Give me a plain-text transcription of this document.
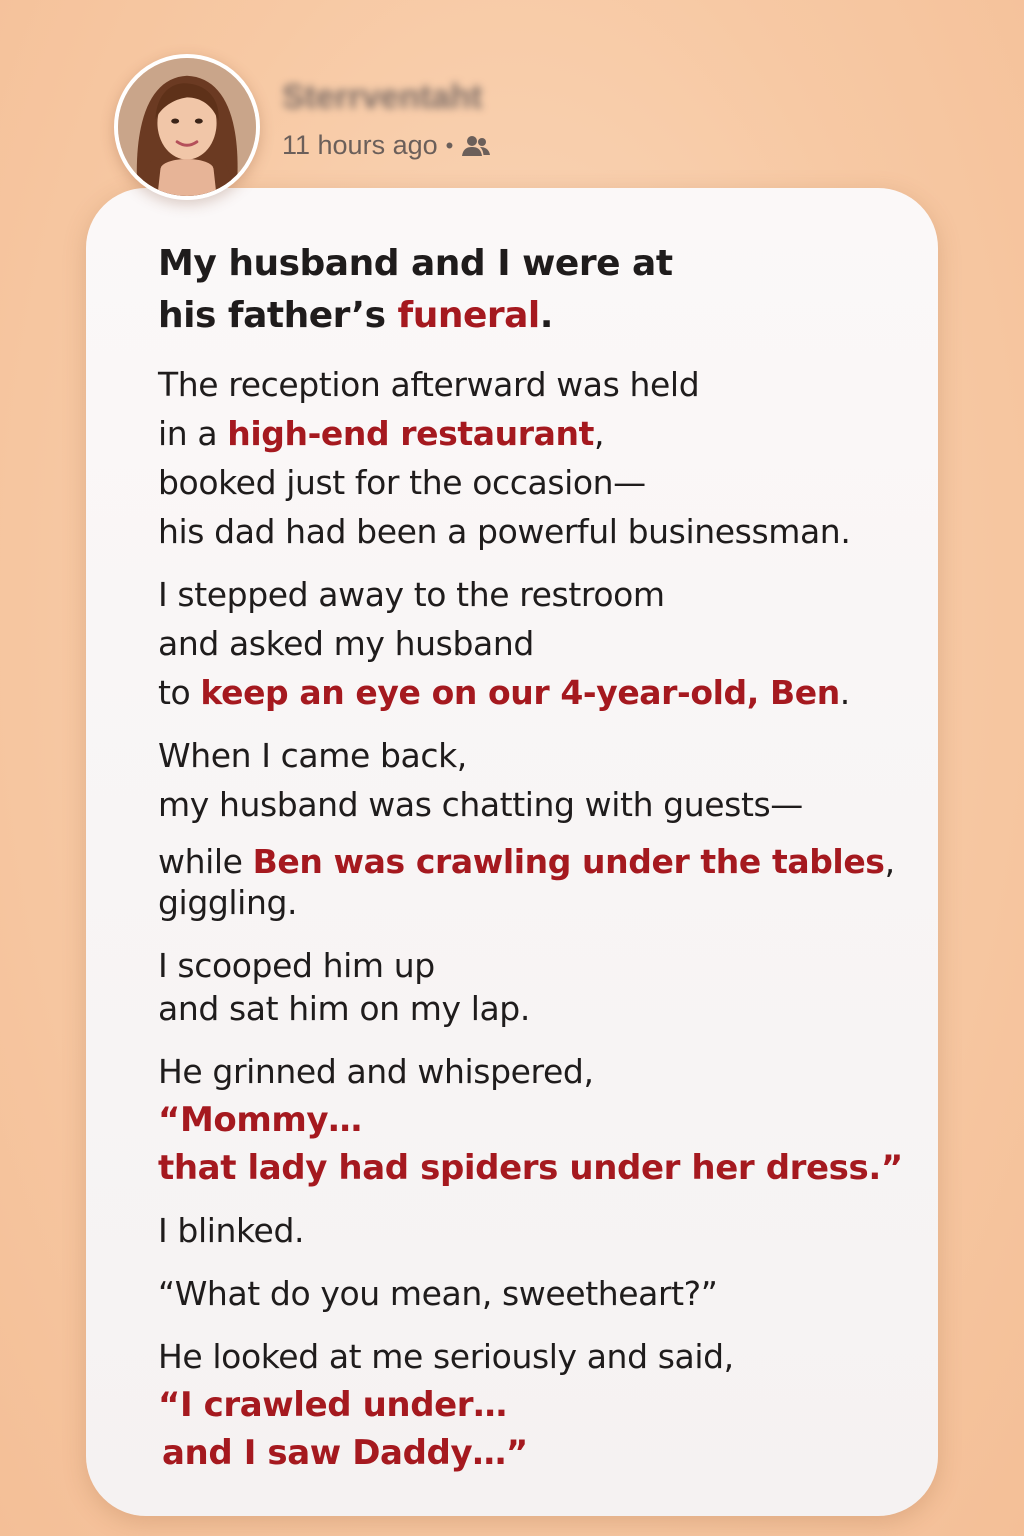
Sterrventaht
11 hours ago •
My husband and I were at
his father’s funeral.
The reception afterward was held
in a high-end restaurant,
booked just for the occasion—
his dad had been a powerful businessman.
I stepped away to the restroom
and asked my husband
to keep an eye on our 4-year-old, Ben.
When I came back,
my husband was chatting with guests—
while Ben was crawling under the tables,
giggling.
I scooped him up
and sat him on my lap.
He grinned and whispered,
“Mommy…
that lady had spiders under her dress.”
I blinked.
“What do you mean, sweetheart?”
He looked at me seriously and said,
“I crawled under…
and I saw Daddy…”
